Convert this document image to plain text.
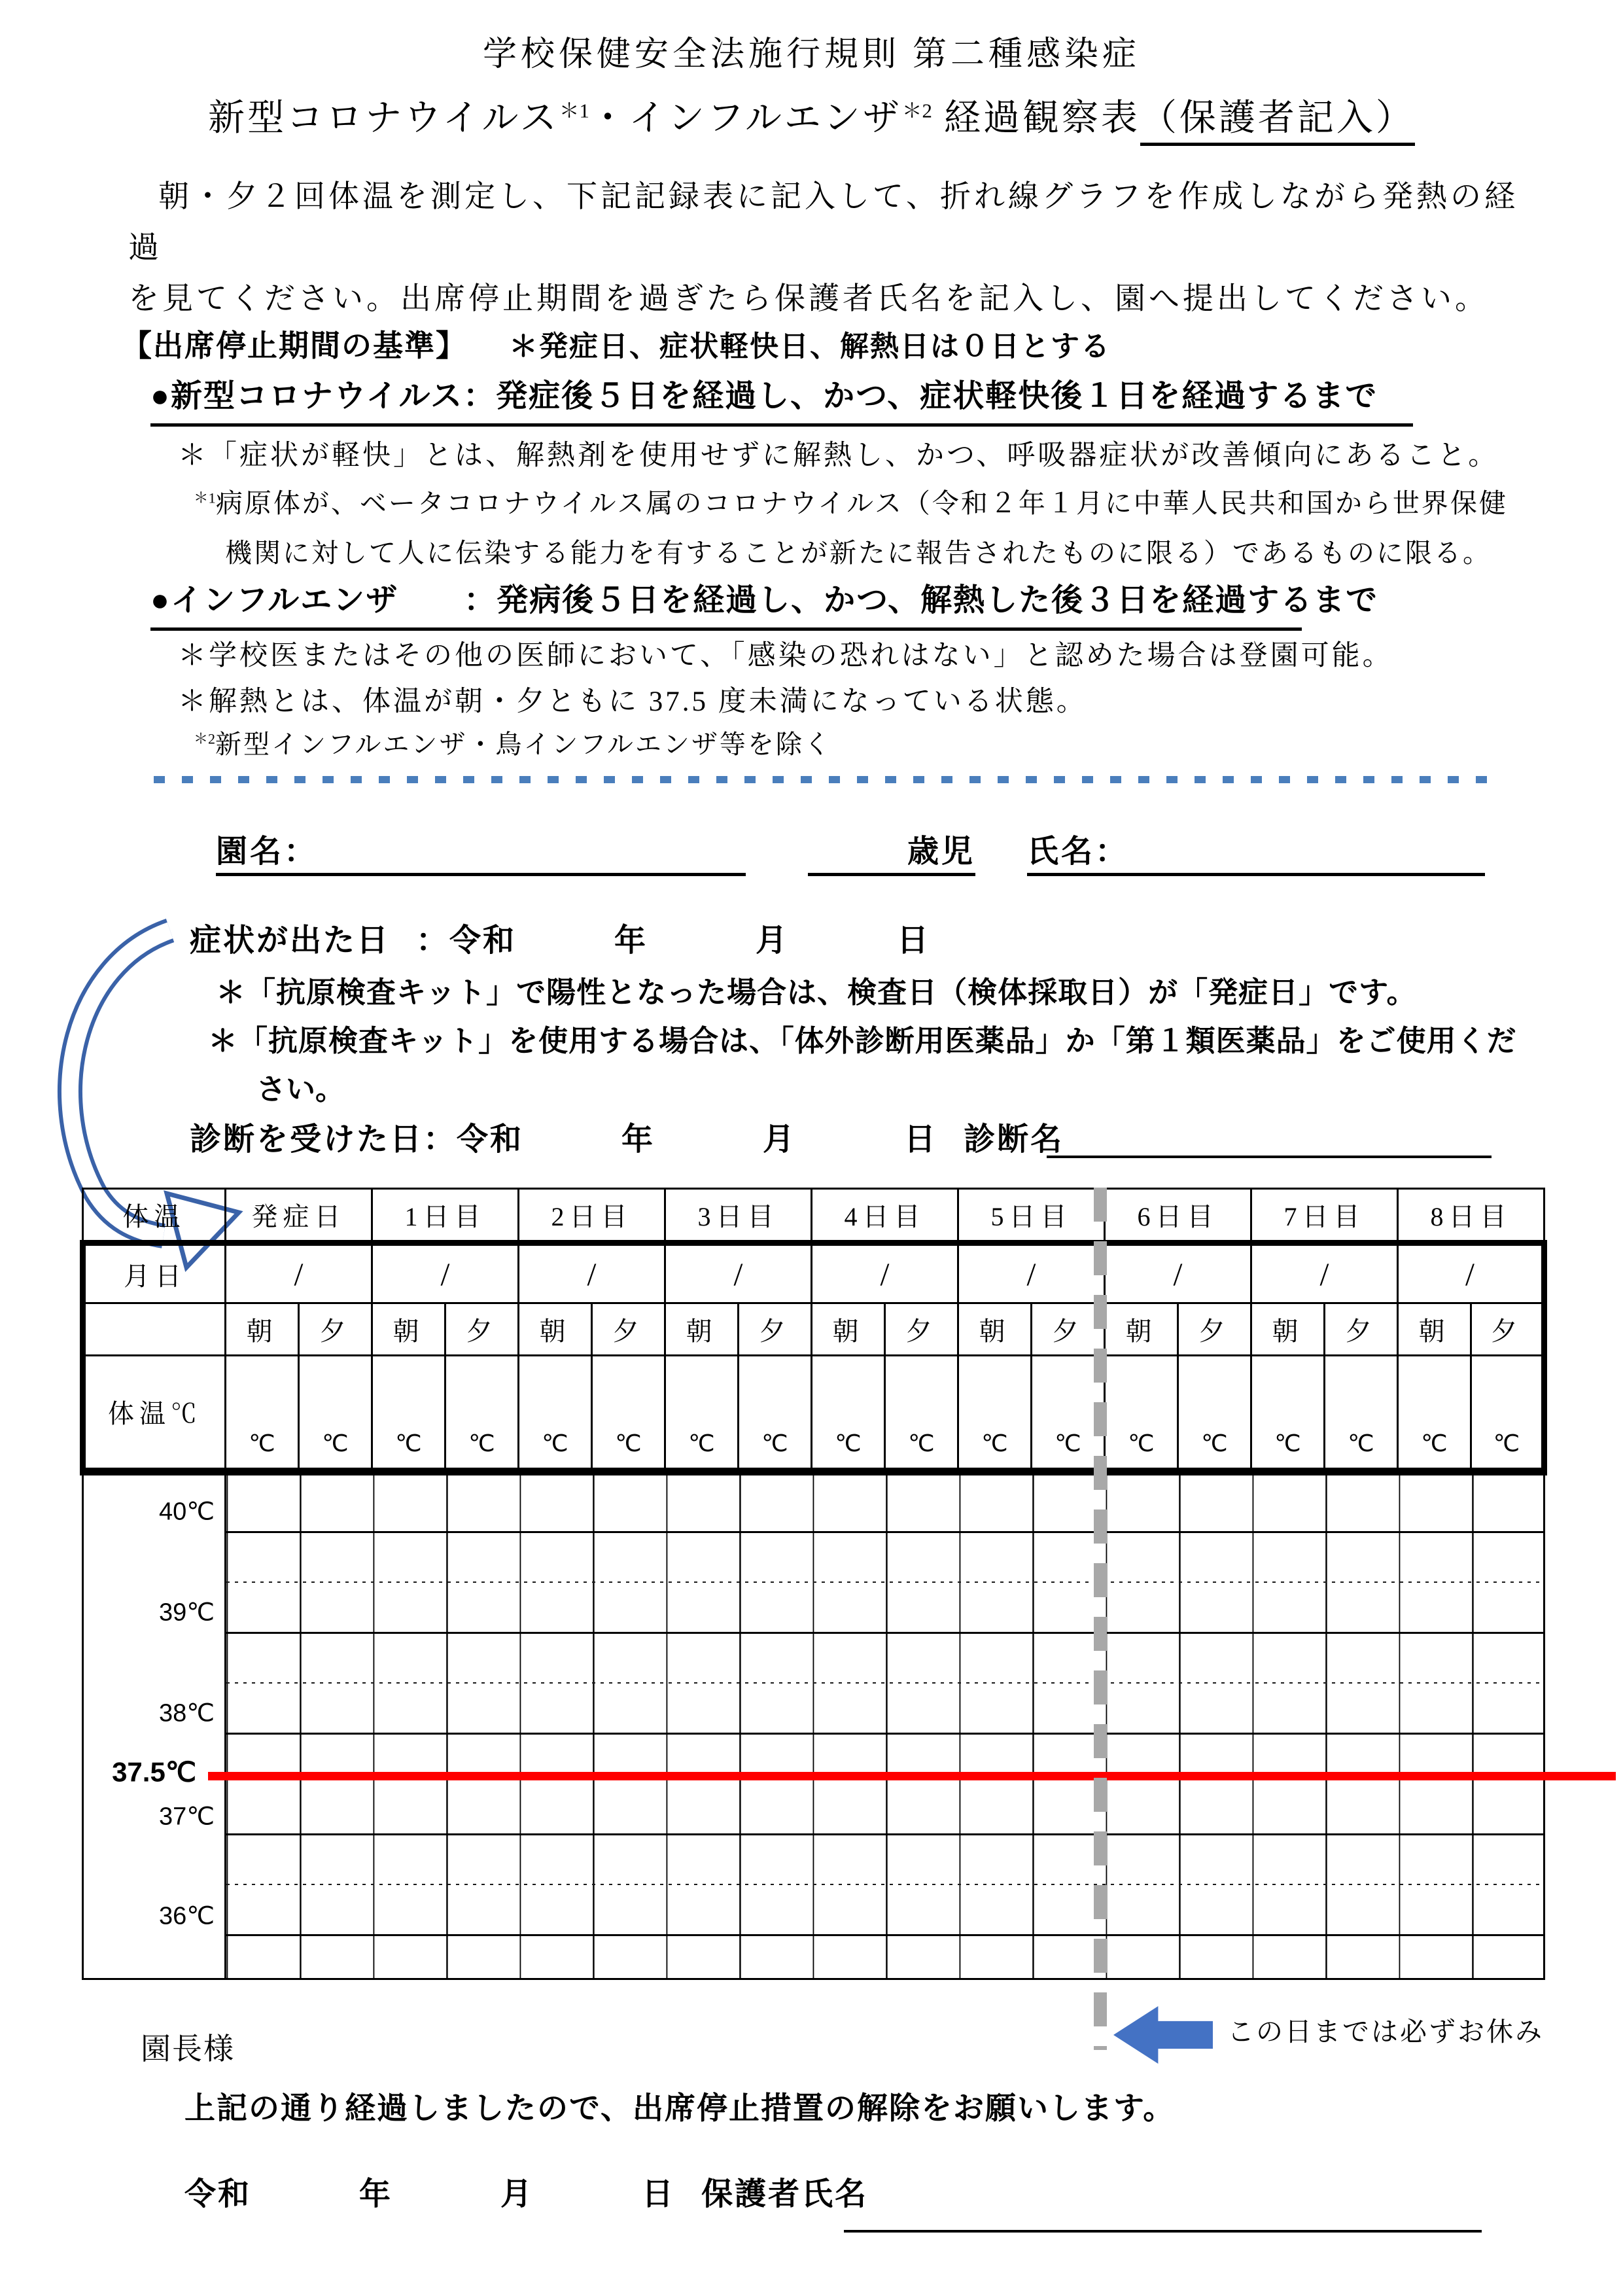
学校保健安全法施行規則 第二種感染症
新型コロナウイルス$^{*1}$・インフルエンザ$^{*2}$ 経過観察表（保護者記入）
朝・夕２回体温を測定し、下記記録表に記入して、折れ線グラフを作成しながら発熱の経過
を見てください。出席停止期間を過ぎたら保護者氏名を記入し、園へ提出してください。
【出席停止期間の基準】 ＊発症日、症状軽快日、解熱日は０日とする
●新型コロナウイルス：発症後５日を経過し、かつ、症状軽快後１日を経過するまで
＊「症状が軽快」とは、解熱剤を使用せずに解熱し、かつ、呼吸器症状が改善傾向にあること。
$^{*1}$病原体が、ベータコロナウイルス属のコロナウイルス（令和２年１月に中華人民共和国から世界保健
機関に対して人に伝染する能力を有することが新たに報告されたものに限る）であるものに限る。
●インフルエンザ　　：発病後５日を経過し、かつ、解熱した後３日を経過するまで
＊学校医またはその他の医師において、「感染の恐れはない」と認めた場合は登園可能。
＊解熱とは、体温が朝・夕ともに 37.5 度未満になっている状態。
$^{*2}$新型インフルエンザ・鳥インフルエンザ等を除く
園名：	歳児 氏名：
症状が出た日 ：令和	年	月	日
＊「抗原検査キット」で陽性となった場合は、検査日（検体採取日）が「発症日」です。
＊「抗原検査キット」を使用する場合は、「体外診断用医薬品」か「第１類医薬品」をご使用くだ
さい。
診断を受けた日：令和	年	月	日 診断名
体温	発症日		1日目		2日目		3日目		4日目		5日目		6日目		7日目		8日目	
月日	/		/		/		/		/		/		/		/		/	
	朝	夕	朝	夕	朝	夕	朝	夕	朝	夕	朝	夕	朝	夕	朝	夕	朝	夕
体温℃	℃	℃	℃	℃	℃	℃	℃	℃	℃	℃	℃	℃	℃	℃	℃	℃	℃	℃

40℃
39℃
38℃
37.5℃
37℃
36℃
この日までは必ずお休み
園長様
上記の通り経過しましたので、出席停止措置の解除をお願いします。
令和	年	月	日 保護者氏名
